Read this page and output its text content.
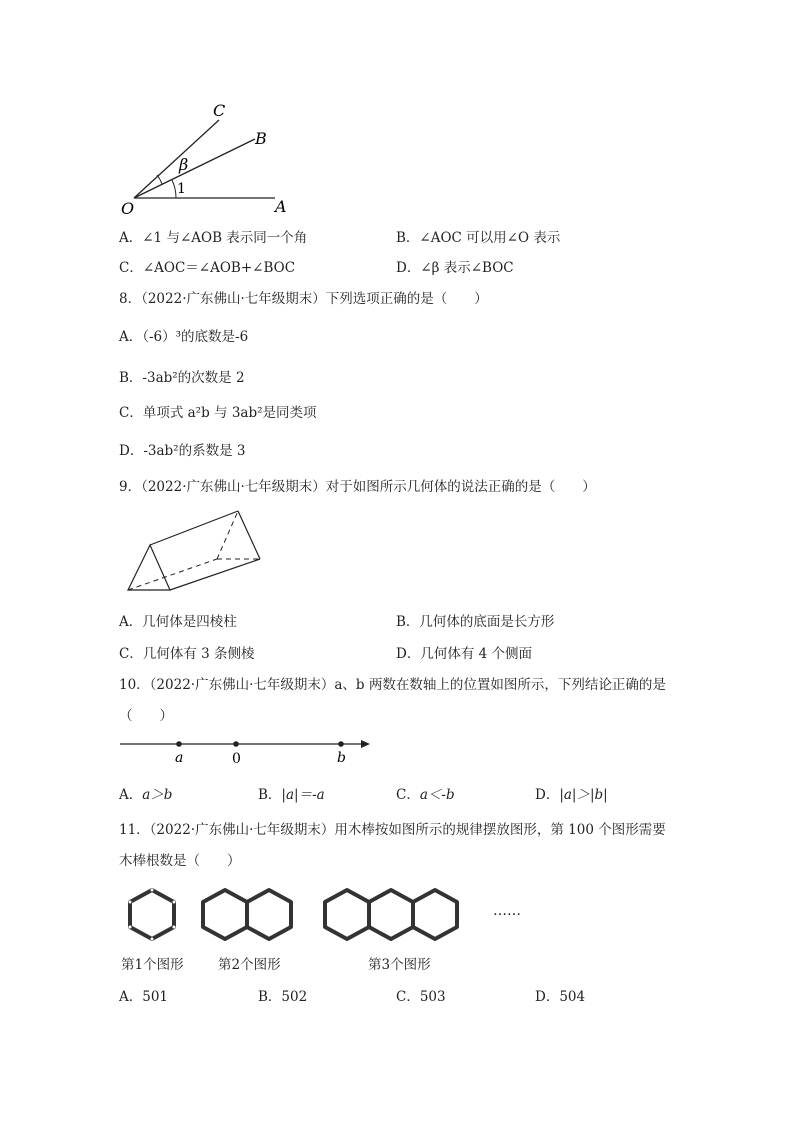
C
B
β
1
O	A
A．∠1 与∠AOB 表示同一个角	B．∠AOC 可以用∠O 表示
C．∠AOC＝∠AOB+∠BOC	D．∠β 表示∠BOC
8．（2022·广东佛山·七年级期末）下列选项正确的是（　　）
A．（-6）³的底数是-6
B．-3ab²的次数是 2
C．单项式 a²b 与 3ab²是同类项
D．-3ab²的系数是 3
9．（2022·广东佛山·七年级期末）对于如图所示几何体的说法正确的是（　　）
A．几何体是四棱柱	B．几何体的底面是长方形
C．几何体有 3 条侧棱	D．几何体有 4 个侧面
10．（2022·广东佛山·七年级期末）a、b 两数在数轴上的位置如图所示，下列结论正确的是
（　　）
a	0	b
A．a＞b	B．|a|＝-a	C．a＜-b	D．|a|＞|b|
11．（2022·广东佛山·七年级期末）用木棒按如图所示的规律摆放图形，第 100 个图形需要
木棒根数是（　　）
……
第1个图形	第2个图形	第3个图形
A．501	B．502	C．503	D．504
